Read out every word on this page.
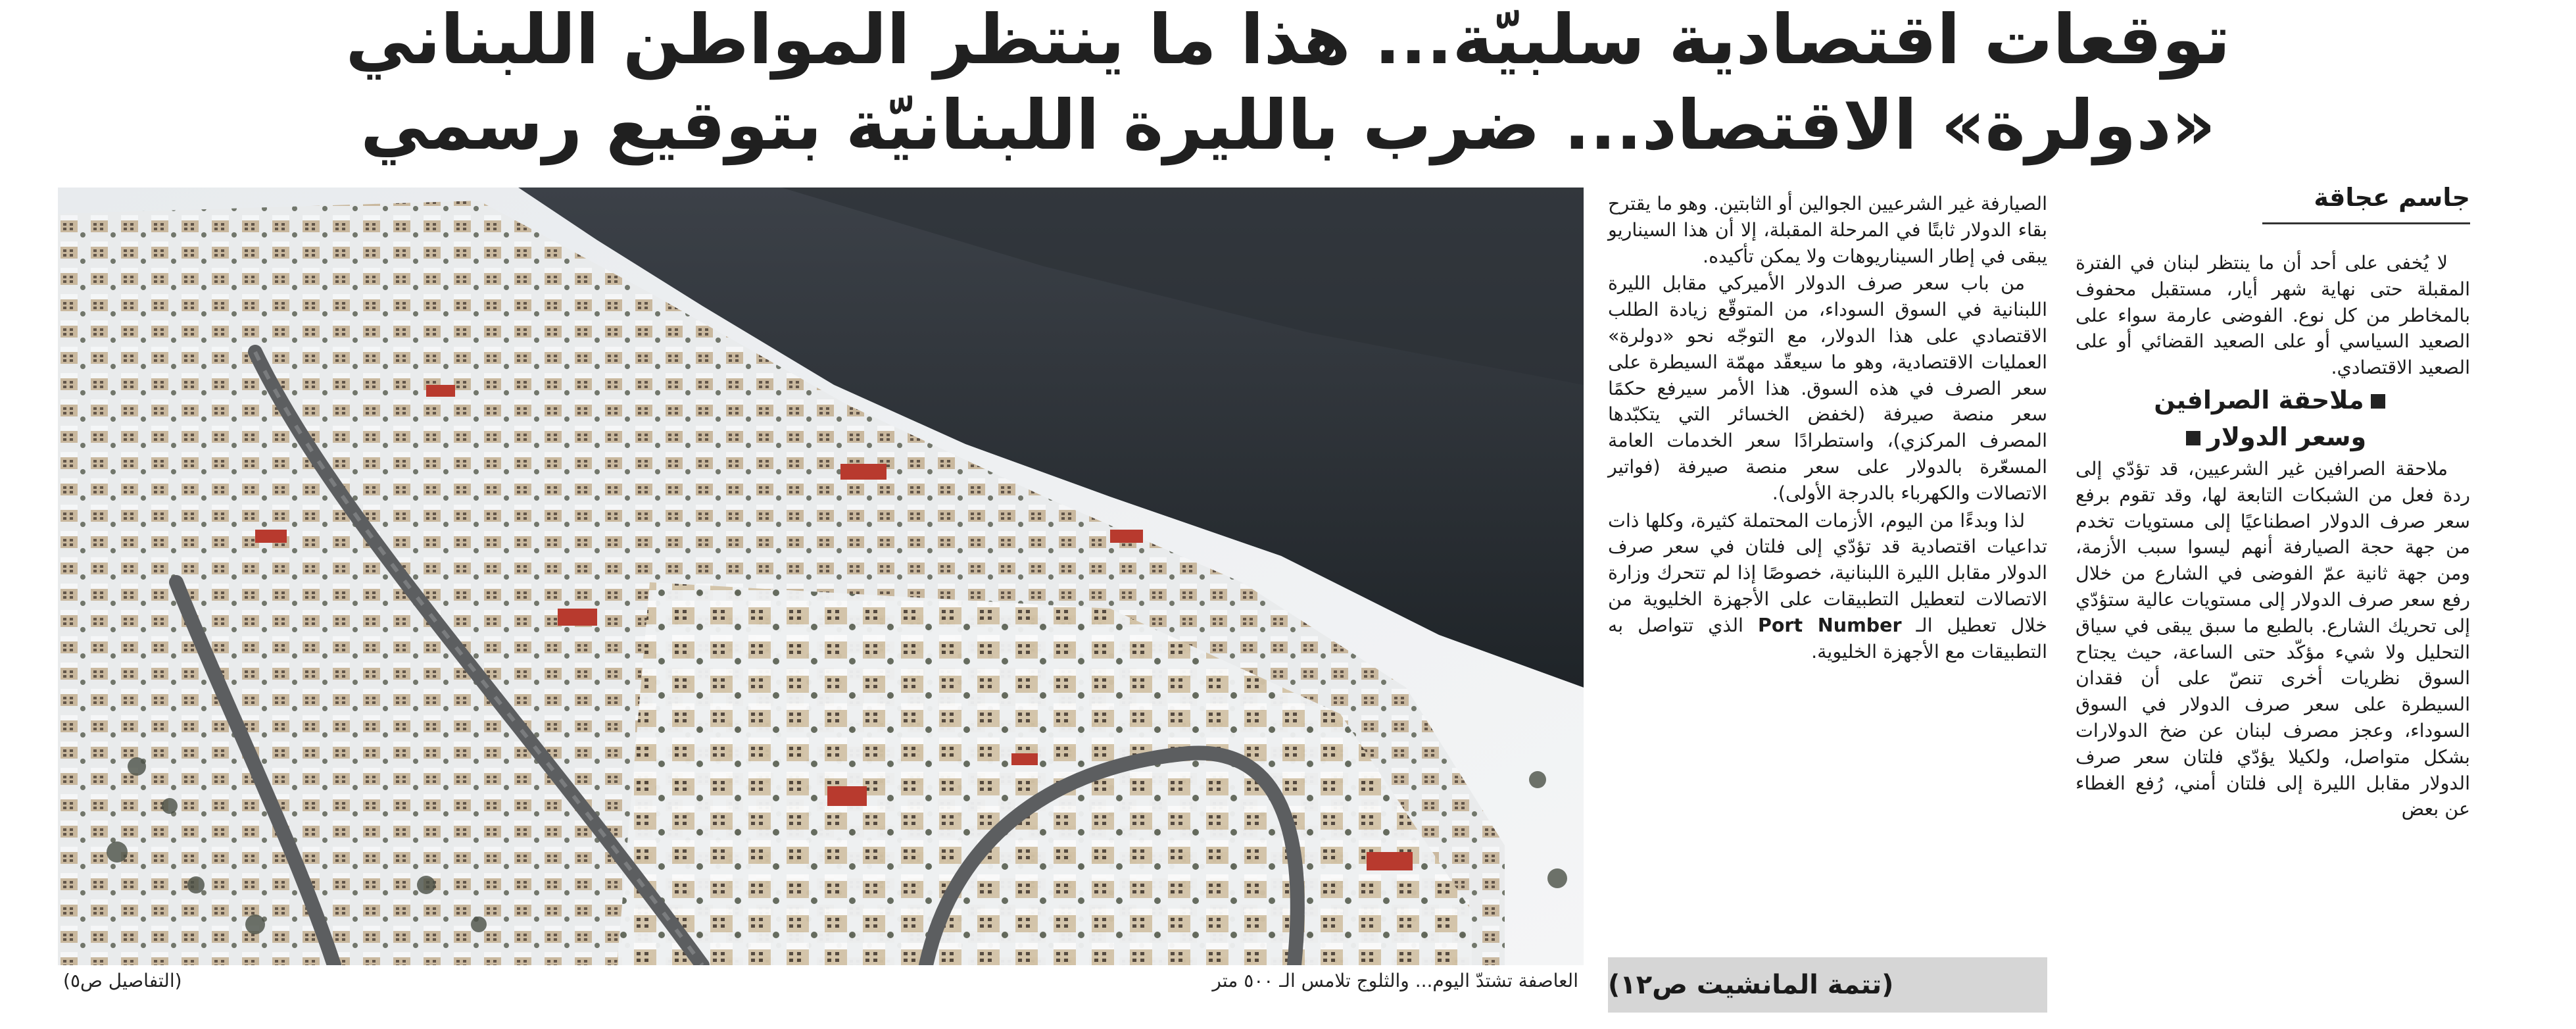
توقعات اقتصادية سلبيّة... هذا ما ينتظر المواطن اللبناني
«دولرة» الاقتصاد... ضرب بالليرة اللبنانيّة بتوقيع رسمي
جاسم عجاقة

لا يُخفى على أحد أن ما ينتظر لبنان في الفترة المقبلة حتى نهاية شهر أيار، مستقبل محفوف بالمخاطر من كل نوع. الفوضى عارمة سواء على الصعيد السياسي أو على الصعيد القضائي أو على الصعيد الاقتصادي.

ملاحقة الصرافين

وسعر الدولار

ملاحقة الصرافين غير الشرعيين، قد تؤدّي إلى ردة فعل من الشبكات التابعة لها، وقد تقوم برفع سعر صرف الدولار اصطناعيًا إلى مستويات تخدم من جهة حجة الصيارفة أنهم ليسوا سبب الأزمة، ومن جهة ثانية عمّ الفوضى في الشارع من خلال رفع سعر صرف الدولار إلى مستويات عالية ستؤدّي إلى تحريك الشارع. بالطبع ما سبق يبقى في سياق التحليل ولا شيء مؤكّد حتى الساعة، حيث يجتاح السوق نظريات أخرى تنصّ على أن فقدان السيطرة على سعر صرف الدولار في السوق السوداء، وعجز مصرف لبنان عن ضخ الدولارات بشكل متواصل، ولكيلا يؤدّي فلتان سعر صرف الدولار مقابل الليرة إلى فلتان أمني، رُفع الغطاء عن بعض

الصيارفة غير الشرعيين الجوالين أو الثابتين. وهو ما يقترح بقاء الدولار ثابتًا في المرحلة المقبلة، إلا أن هذا السيناريو يبقى في إطار السيناريوهات ولا يمكن تأكيده.

من باب سعر صرف الدولار الأميركي مقابل الليرة اللبنانية في السوق السوداء، من المتوقّع زيادة الطلب الاقتصادي على هذا الدولار، مع التوجّه نحو «دولرة» العمليات الاقتصادية، وهو ما سيعقّد مهمّة السيطرة على سعر الصرف في هذه السوق. هذا الأمر سيرفع حكمًا سعر منصة صيرفة (لخفض الخسائر التي يتكبّدها المصرف المركزي)، واستطرادًا سعر الخدمات العامة المسعّرة بالدولار على سعر منصة صيرفة (فواتير الاتصالات والكهرباء بالدرجة الأولى).

لذا وبدءًا من اليوم، الأزمات المحتملة كثيرة، وكلها ذات تداعيات اقتصادية قد تؤدّي إلى فلتان في سعر صرف الدولار مقابل الليرة اللبنانية، خصوصًا إذا لم تتحرك وزارة الاتصالات لتعطيل التطبيقات على الأجهزة الخليوية من خلال تعطيل الـ Port Number الذي تتواصل به التطبيقات مع الأجهزة الخليوية.

(تتمة المانشيت ص١٢)
العاصفة تشتدّ اليوم... والثلوج تلامس الـ ٥٠٠ متر
(التفاصيل ص٥)
